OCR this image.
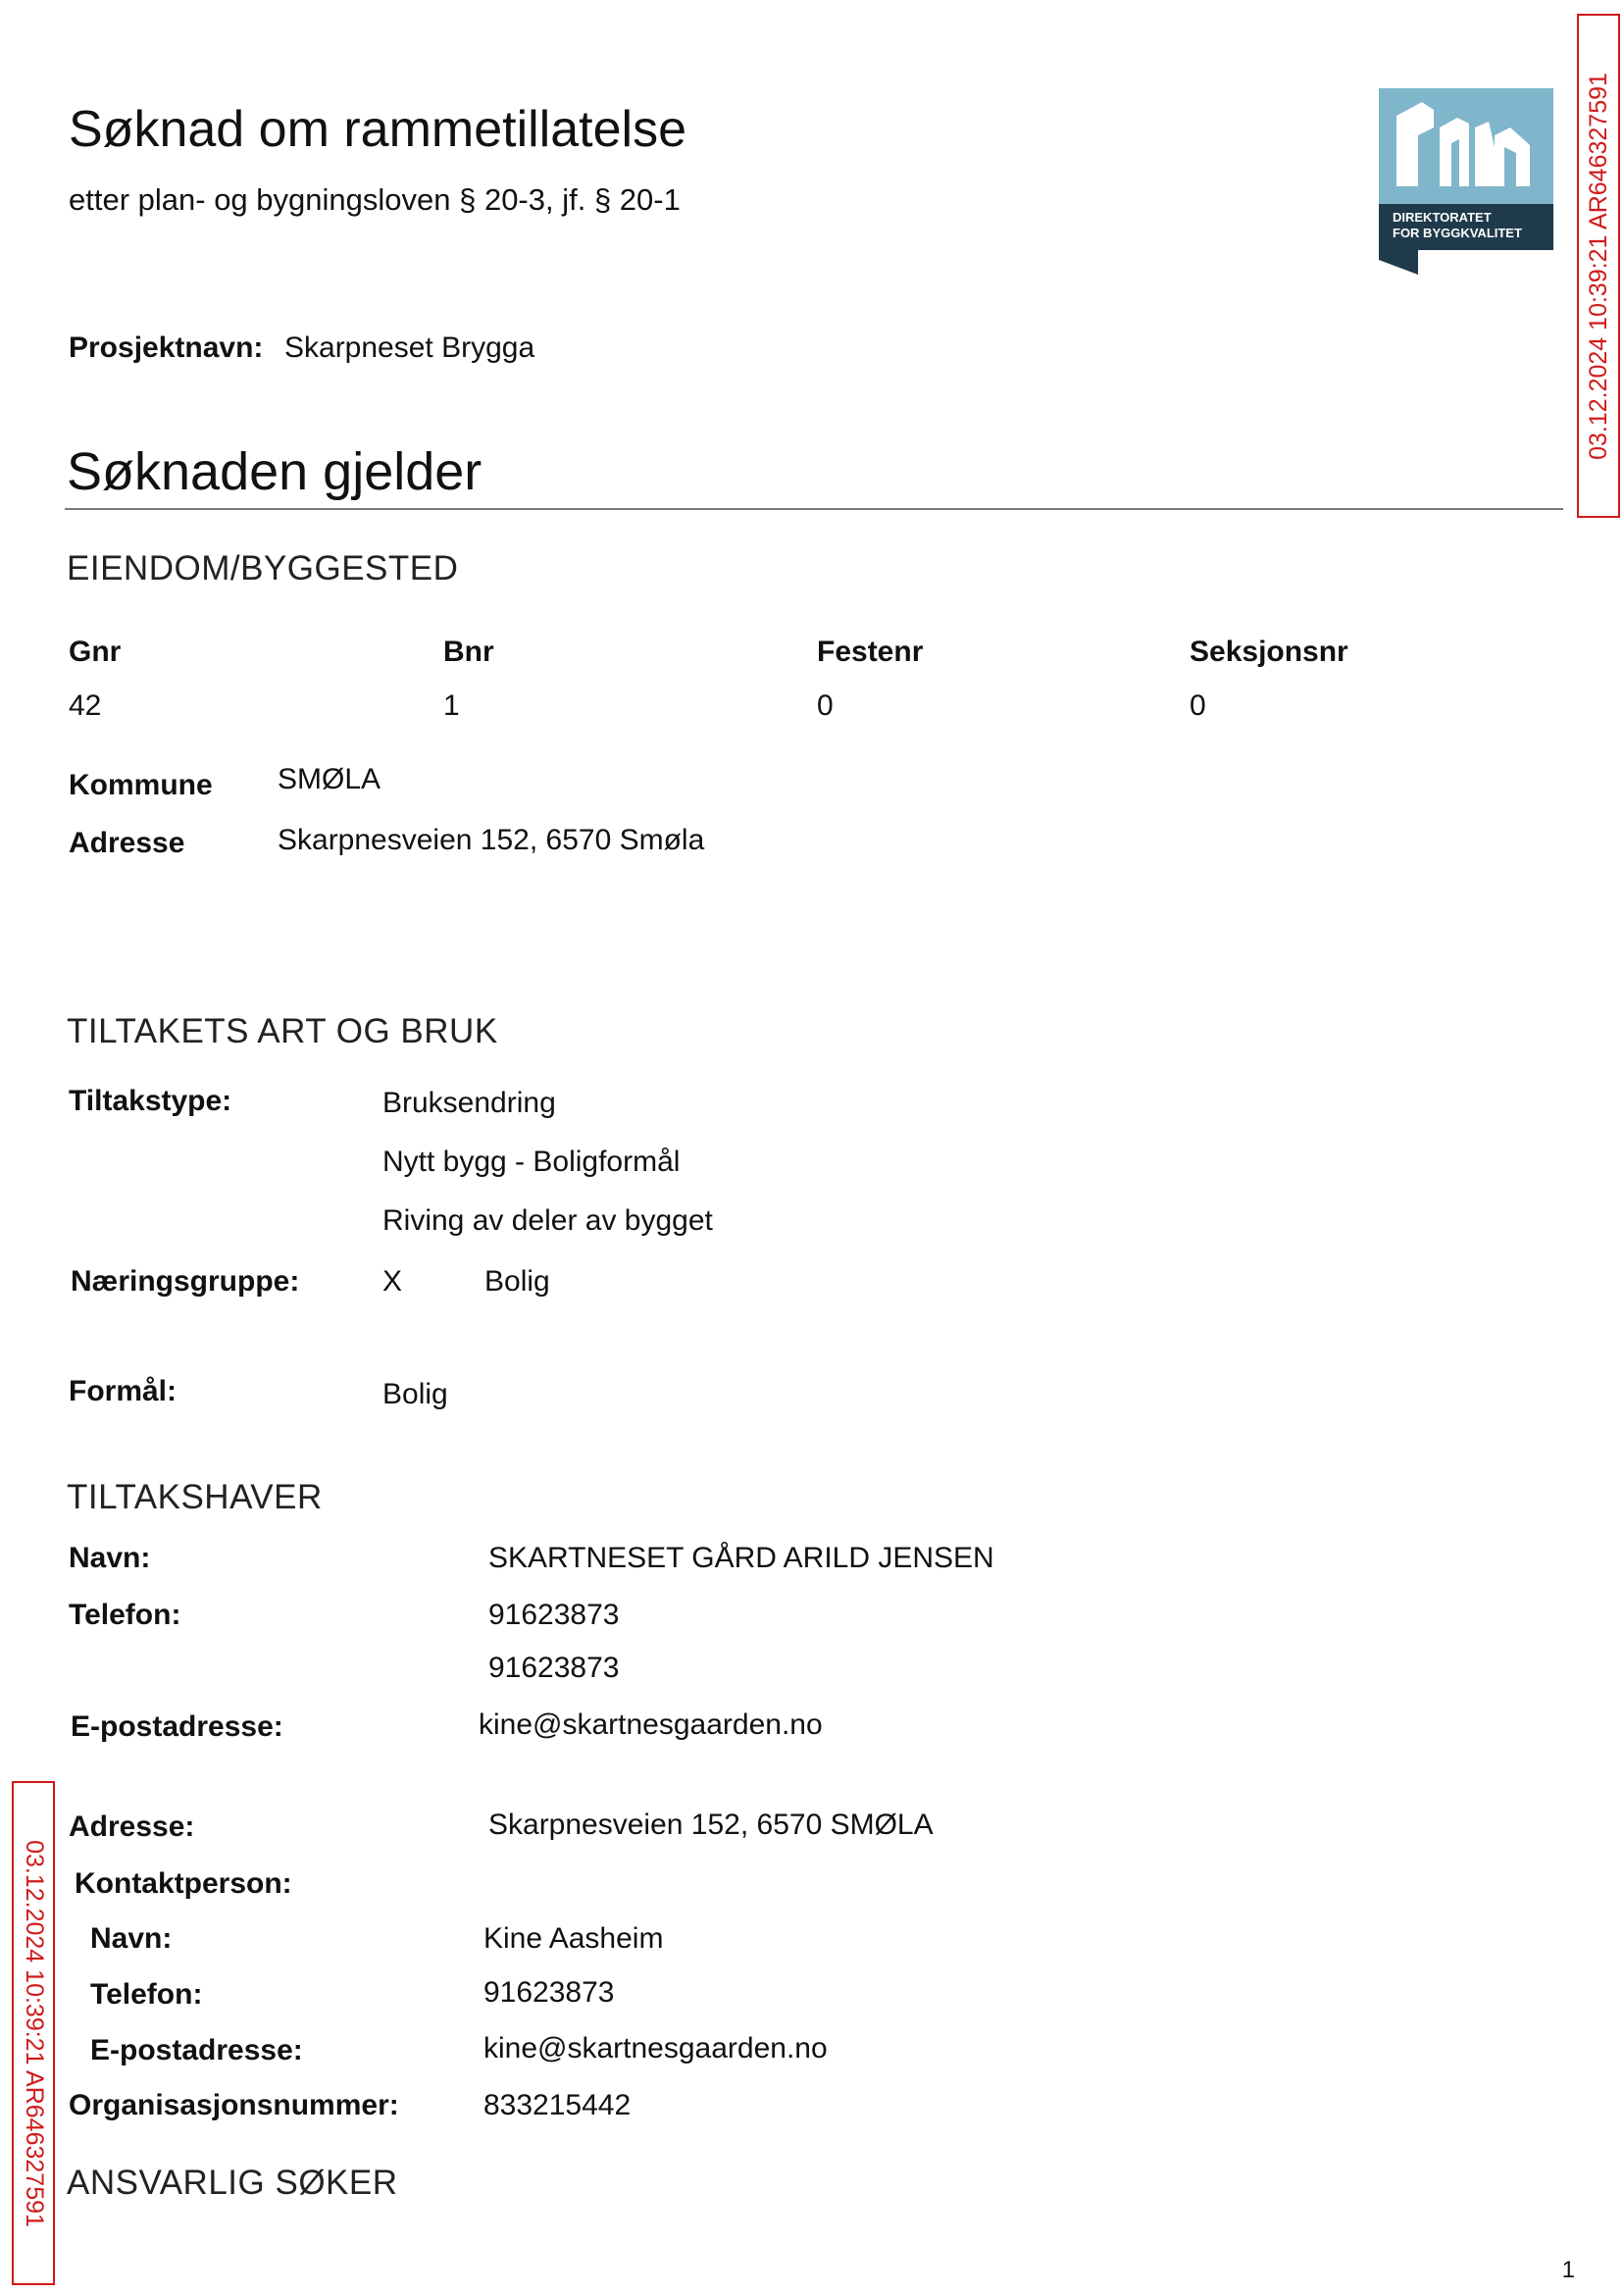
Søknad om rammetillatelse
etter plan- og bygningsloven § 20-3, jf. § 20-1
DIREKTORATET
FOR BYGGKVALITET
Prosjektnavn: Skarpneset Brygga
Søknaden gjelder
EIENDOM/BYGGESTED
Gnr	Bnr	Festenr	Seksjonsnr
42	1	0	0
Kommune SMØLA
Adresse	Skarpnesveien 152, 6570 Smøla
TILTAKETS ART OG BRUK
Tiltakstype:	Bruksendring
Nytt bygg - Boligformål
Riving av deler av bygget
Næringsgruppe:	X	Bolig
Formål:	Bolig
TILTAKSHAVER
Navn:	SKARTNESET GÅRD ARILD JENSEN
Telefon:	91623873
91623873
E-postadresse:	kine@skartnesgaarden.no
Adresse:	Skarpnesveien 152, 6570 SMØLA
Kontaktperson:
Navn:	Kine Aasheim
Telefon:	91623873
E-postadresse:	kine@skartnesgaarden.no
Organisasjonsnummer:	833215442
ANSVARLIG SØKER
03.12.2024 10:39:21 AR646327591
03.12.2024 10:39:21 AR646327591
1
